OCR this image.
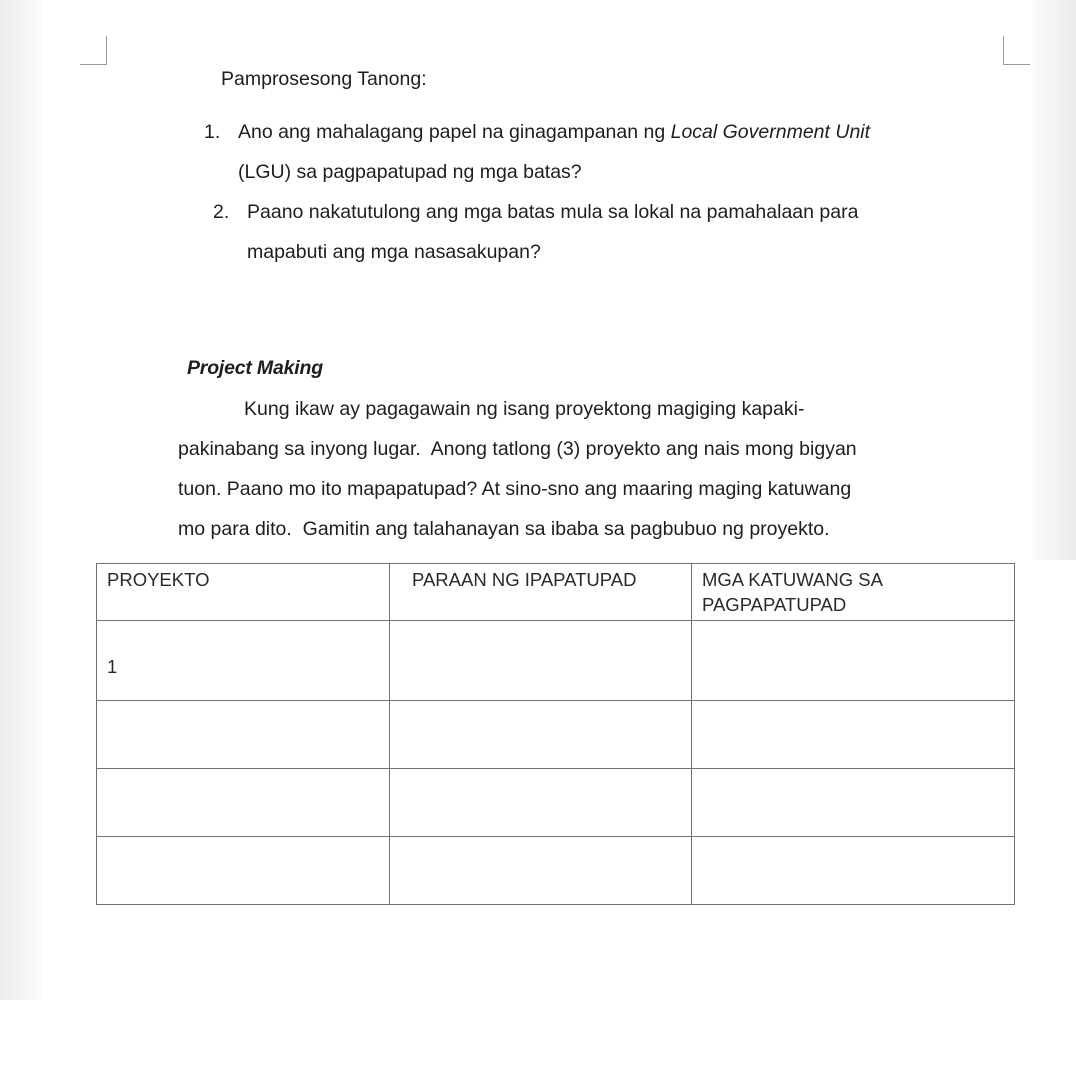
Pamprosesong Tanong:
1. Ano ang mahalagang papel na ginagampanan ng Local Government Unit
(LGU) sa pagpapatupad ng mga batas?
2. Paano nakatutulong ang mga batas mula sa lokal na pamahalaan para
mapabuti ang mga nasasakupan?
Project Making
Kung ikaw ay pagagawain ng isang proyektong magiging kapaki-
pakinabang sa inyong lugar.  Anong tatlong (3) proyekto ang nais mong bigyan
tuon. Paano mo ito mapapatupad? At sino-sno ang maaring maging katuwang
mo para dito.  Gamitin ang talahanayan sa ibaba sa pagbubuo ng proyekto.
PROYEKTO	PARAAN NG IPAPATUPAD	MGA KATUWANG SA PAGPAPATUPAD

1		
